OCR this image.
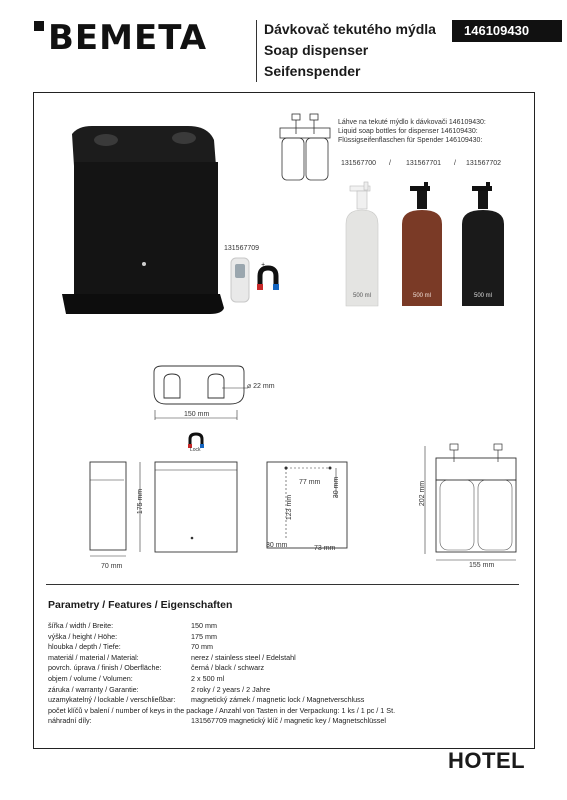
BEMETA	Dávkovač tekutého mýdla
Soap dispenser
Seifenspender
146109430
131567709
+
Láhve na tekuté mýdlo k dávkovači 146109430:
Liquid soap bottles for dispenser 146109430:
Flüssigseifenflaschen für Spender 146109430:
131567700 / 131567701 / 131567702
500 ml	500 ml	500 ml
⌀ 22 mm
150 mm
Lock
175 mm
70 mm
77 mm 30 mm
123 mm
30 mm	73 mm
202 mm
155 mm
Parametry / Features / Eigenschaften
šířka / width / Breite:	150 mm
výška / height / Höhe:	175 mm
hloubka / depth / Tiefe:	70 mm
materiál / material / Material:	nerez / stainless steel / Edelstahl
povrch. úprava / finish / Oberfläche:	černá / black / schwarz
objem / volume / Volumen:	2 x 500 ml
záruka / warranty / Garantie:	2 roky / 2 years / 2 Jahre
uzamykatelný / lockable / verschließbar: magnetický zámek / magnetic lock / Magnetverschluss
počet klíčů v balení / number of keys in the package / Anzahl von Tasten in der Verpackung: 1 ks / 1 pc / 1 St.
náhradní díly:	131567709 magnetický klíč / magnetic key / Magnetschlüssel
HOTEL
